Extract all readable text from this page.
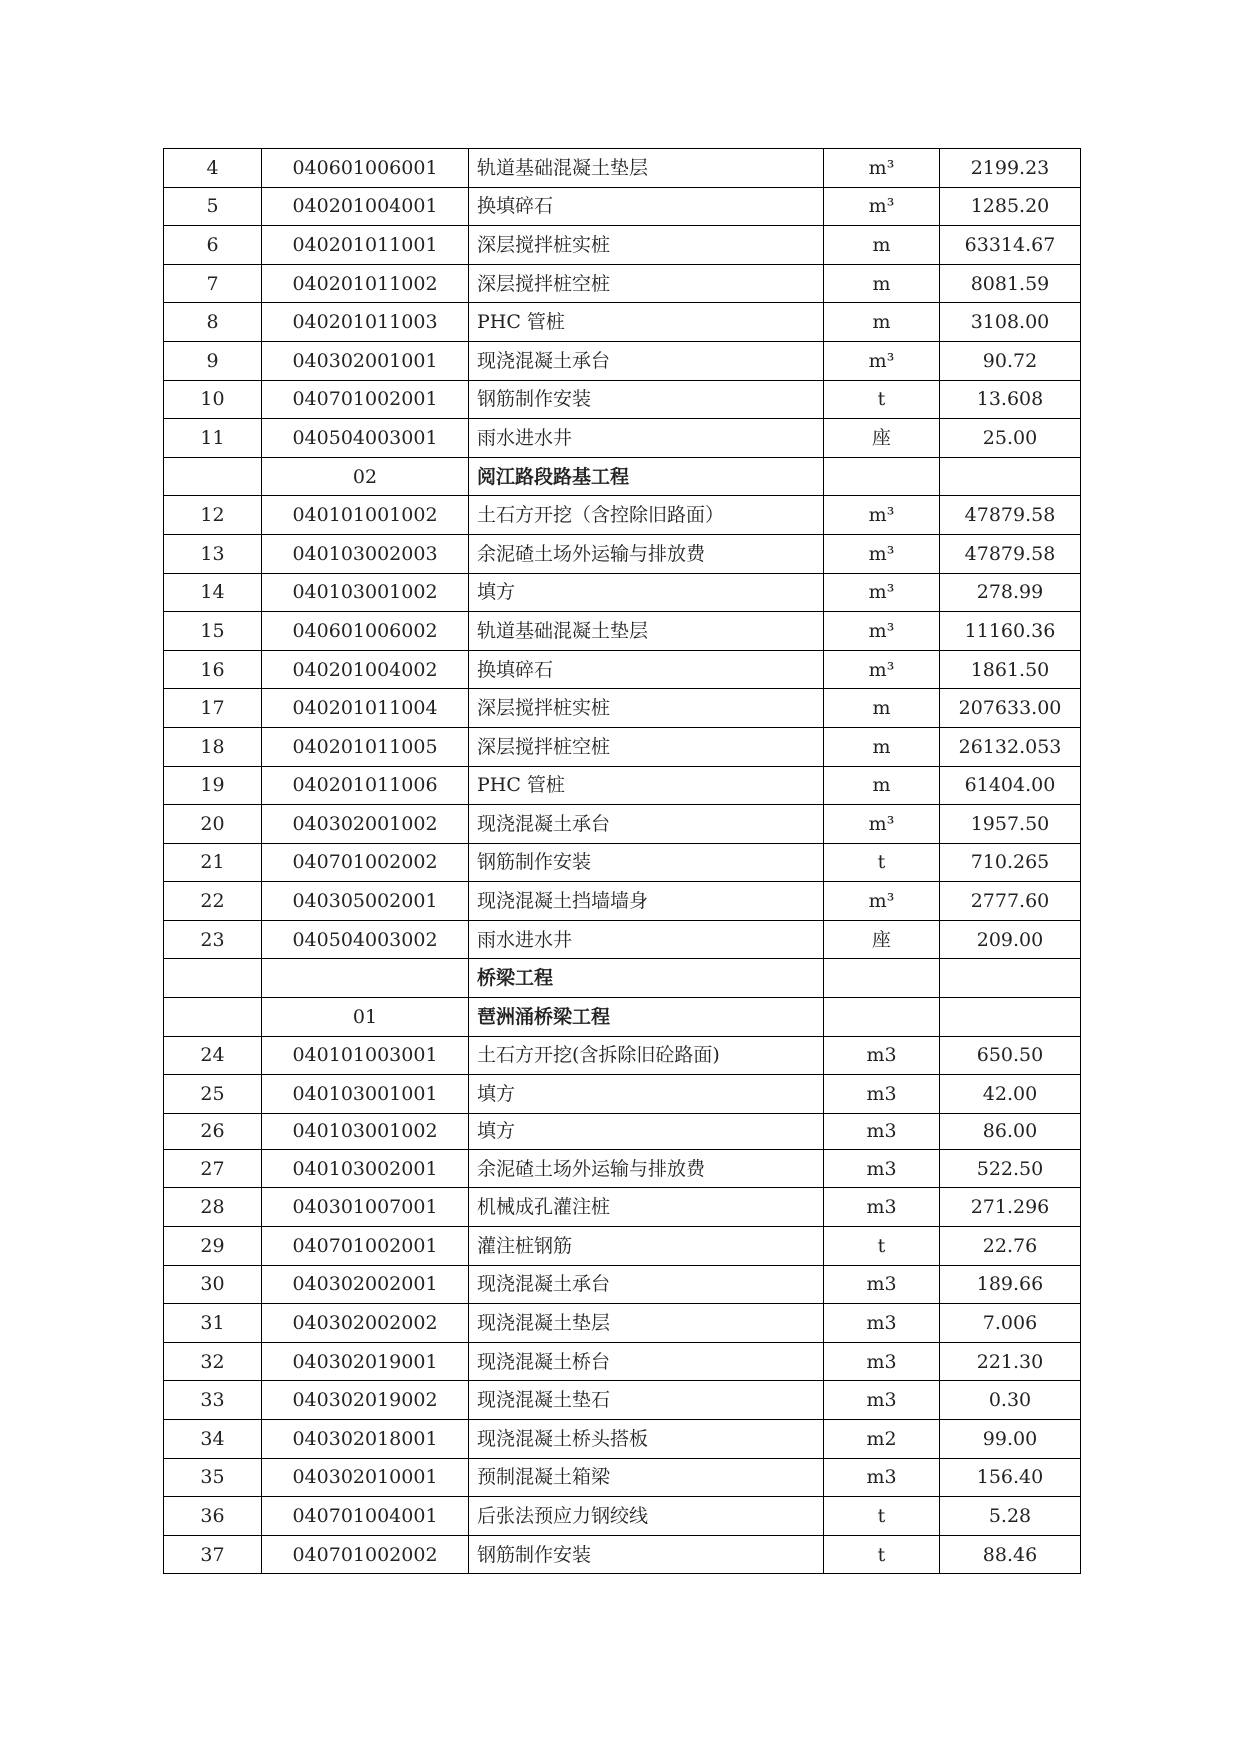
4	040601006001	轨道基础混凝土垫层	m³	2199.23
5	040201004001	换填碎石	m³	1285.20
6	040201011001	深层搅拌桩实桩	m	63314.67
7	040201011002	深层搅拌桩空桩	m	8081.59
8	040201011003	PHC 管桩	m	3108.00
9	040302001001	现浇混凝土承台	m³	90.72
10	040701002001	钢筋制作安装	t	13.608
11	040504003001	雨水进水井	座	25.00
	02	阅江路段路基工程		
12	040101001002	土石方开挖（含控除旧路面）	m³	47879.58
13	040103002003	余泥碴土场外运输与排放费	m³	47879.58
14	040103001002	填方	m³	278.99
15	040601006002	轨道基础混凝土垫层	m³	11160.36
16	040201004002	换填碎石	m³	1861.50
17	040201011004	深层搅拌桩实桩	m	207633.00
18	040201011005	深层搅拌桩空桩	m	26132.053
19	040201011006	PHC 管桩	m	61404.00
20	040302001002	现浇混凝土承台	m³	1957.50
21	040701002002	钢筋制作安装	t	710.265
22	040305002001	现浇混凝土挡墙墙身	m³	2777.60
23	040504003002	雨水进水井	座	209.00
		桥梁工程		
	01	琶洲涌桥梁工程		
24	040101003001	土石方开挖(含拆除旧砼路面)	m3	650.50
25	040103001001	填方	m3	42.00
26	040103001002	填方	m3	86.00
27	040103002001	余泥碴土场外运输与排放费	m3	522.50
28	040301007001	机械成孔灌注桩	m3	271.296
29	040701002001	灌注桩钢筋	t	22.76
30	040302002001	现浇混凝土承台	m3	189.66
31	040302002002	现浇混凝土垫层	m3	7.006
32	040302019001	现浇混凝土桥台	m3	221.30
33	040302019002	现浇混凝土垫石	m3	0.30
34	040302018001	现浇混凝土桥头搭板	m2	99.00
35	040302010001	预制混凝土箱梁	m3	156.40
36	040701004001	后张法预应力钢绞线	t	5.28
37	040701002002	钢筋制作安装	t	88.46
